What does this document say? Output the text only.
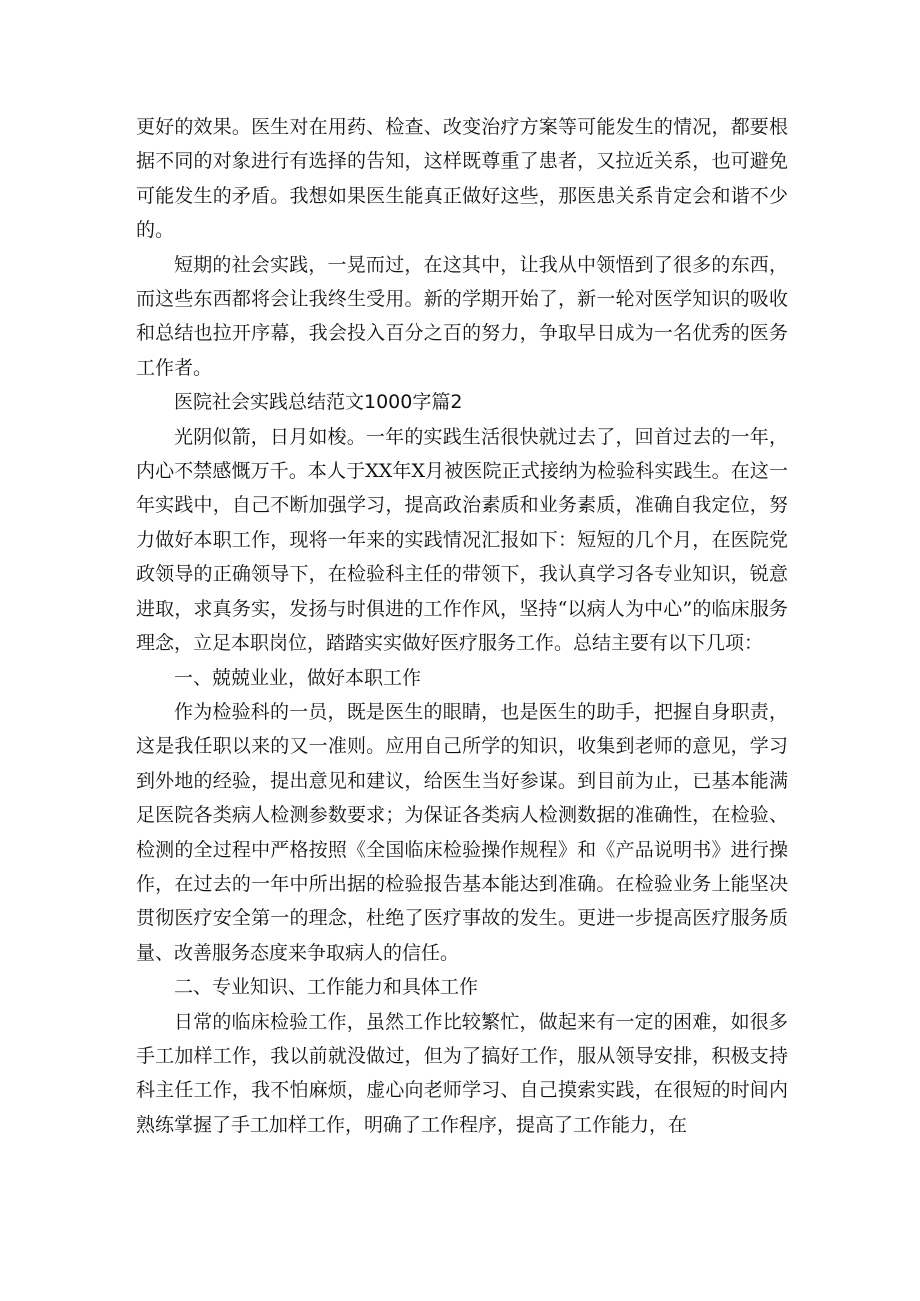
更好的效果。医生对在用药、检查、改变治疗方案等可能发生的情况，都要根据不同的对象进行有选择的告知，这样既尊重了患者，又拉近关系，也可避免可能发生的矛盾。我想如果医生能真正做好这些，那医患关系肯定会和谐不少的。

短期的社会实践，一晃而过，在这其中，让我从中领悟到了很多的东西，而这些东西都将会让我终生受用。新的学期开始了，新一轮对医学知识的吸收和总结也拉开序幕，我会投入百分之百的努力，争取早日成为一名优秀的医务工作者。

医院社会实践总结范文1000字篇2

光阴似箭，日月如梭。一年的实践生活很快就过去了，回首过去的一年，内心不禁感慨万千。本人于XX年X月被医院正式接纳为检验科实践生。在这一年实践中，自己不断加强学习，提高政治素质和业务素质，准确自我定位，努力做好本职工作，现将一年来的实践情况汇报如下：短短的几个月，在医院党政领导的正确领导下，在检验科主任的带领下，我认真学习各专业知识，锐意进取，求真务实，发扬与时俱进的工作作风，坚持“以病人为中心”的临床服务理念，立足本职岗位，踏踏实实做好医疗服务工作。总结主要有以下几项：

一、兢兢业业，做好本职工作

作为检验科的一员，既是医生的眼睛，也是医生的助手，把握自身职责，这是我任职以来的又一准则。应用自己所学的知识，收集到老师的意见，学习到外地的经验，提出意见和建议，给医生当好参谋。到目前为止，已基本能满足医院各类病人检测参数要求；为保证各类病人检测数据的准确性，在检验、检测的全过程中严格按照《全国临床检验操作规程》和《产品说明书》进行操作，在过去的一年中所出据的检验报告基本能达到准确。在检验业务上能坚决贯彻医疗安全第一的理念，杜绝了医疗事故的发生。更进一步提高医疗服务质量、改善服务态度来争取病人的信任。

二、专业知识、工作能力和具体工作

日常的临床检验工作，虽然工作比较繁忙，做起来有一定的困难，如很多手工加样工作，我以前就没做过，但为了搞好工作，服从领导安排，积极支持科主任工作，我不怕麻烦，虚心向老师学习、自己摸索实践，在很短的时间内熟练掌握了手工加样工作，明确了工作程序，提高了工作能力，在
